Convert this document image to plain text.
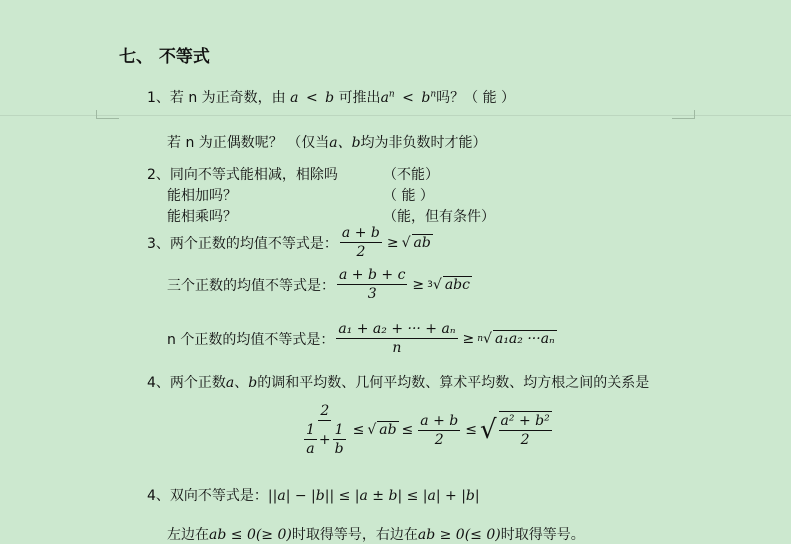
七、 不等式
1、若 n 为正奇数，由 a < b 可推出$a^n < b^n$吗？（ 能 ）
若 n 为正偶数呢？ （仅当a、b均为非负数时才能）
2、同向不等式能相减，相除吗	（不能）
能相加吗？	（ 能 ）
能相乘吗？	（能，但有条件）
3、两个正数的均值不等式是： $\frac{a + b}{2}$ ≥ √ ab
三个正数的均值不等式是： $\frac{a + b + c}{3} \ge 3$ √ abc
n 个正数的均值不等式是： $\frac{\text{a₁ + a₂ + ··· + aₙ}}{n} \ge n$ √ a₁a₂ ···aₙ
4、两个正数a、b的调和平均数、几何平均数、算术平均数、均方根之间的关系是
$\frac{2}{\frac{1}{a} + \frac{1}{b}}$ ≤ √ ab ≤ $\frac{a + b}{2}$ ≤ √ $\frac{\text{a² + b²}}{2}$
4、双向不等式是：||a| − |b|| ≤ |a ± b| ≤ |a| + |b|
左边在ab ≤ 0(≥ 0)时取得等号，右边在ab ≥ 0(≤ 0)时取得等号。
